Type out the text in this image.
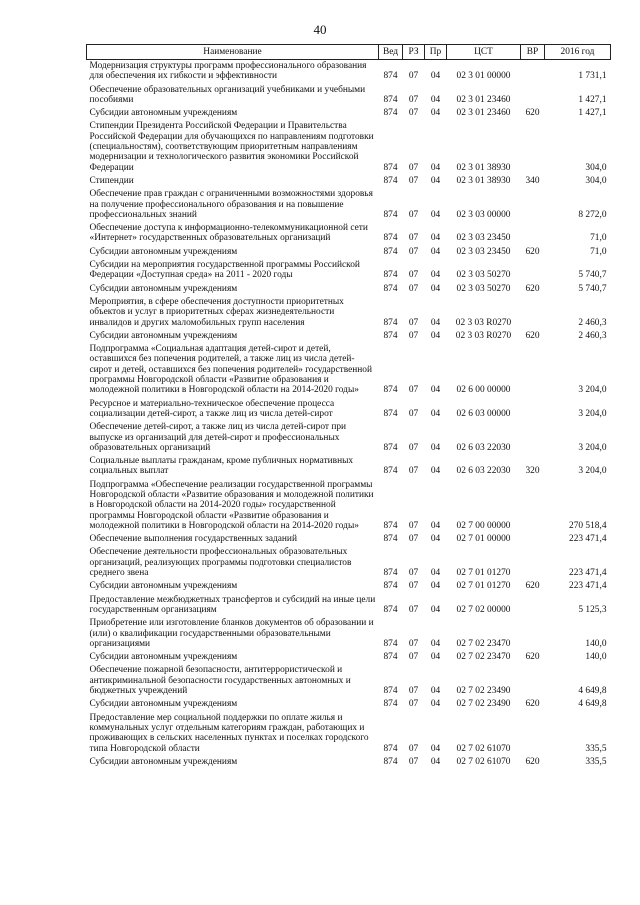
40
Наименование	Вед	РЗ	Пр	ЦСТ	ВР	2016 год
Модернизация структуры программ профессионального образования для обеспечения их гибкости и эффективности	874	07	04	02 3 01 00000		1 731,1
Обеспечение образовательных организаций учебниками и учебными пособиями	874	07	04	02 3 01 23460		1 427,1
Субсидии автономным учреждениям	874	07	04	02 3 01 23460	620	1 427,1
Стипендии Президента Российской Федерации и Правительства Российской Федерации для обучающихся по направлениям подготовки (специальностям), соответствующим приоритетным направлениям модернизации и технологического развития экономики Российской Федерации	874	07	04	02 3 01 38930		304,0
Стипендии	874	07	04	02 3 01 38930	340	304,0
Обеспечение прав граждан с ограниченными возможностями здоровья на получение профессионального образования и на повышение профессиональных знаний	874	07	04	02 3 03 00000		8 272,0
Обеспечение доступа к информационно-телекоммуникационной сети «Интернет» государственных образовательных организаций	874	07	04	02 3 03 23450		71,0
Субсидии автономным учреждениям	874	07	04	02 3 03 23450	620	71,0
Субсидии на мероприятия государственной программы Российской Федерации «Доступная среда» на 2011 - 2020 годы	874	07	04	02 3 03 50270		5 740,7
Субсидии автономным учреждениям	874	07	04	02 3 03 50270	620	5 740,7
Мероприятия, в сфере обеспечения доступности приоритетных объектов и услуг в приоритетных сферах жизнедеятельности инвалидов и других маломобильных групп населения	874	07	04	02 3 03 R0270		2 460,3
Субсидии автономным учреждениям	874	07	04	02 3 03 R0270	620	2 460,3
Подпрограмма «Социальная адаптация детей-сирот и детей, оставшихся без попечения родителей, а также лиц из числа детей-сирот и детей, оставшихся без попечения родителей» государственной программы Новгородской области «Развитие образования и молодежной политики в Новгородской области на 2014-2020 годы»	874	07	04	02 6 00 00000		3 204,0
Ресурсное и материально-техническое обеспечение процесса социализации детей-сирот, а также лиц из числа детей-сирот	874	07	04	02 6 03 00000		3 204,0
Обеспечение детей-сирот, а также лиц из числа детей-сирот при выпуске из организаций для детей-сирот и профессиональных образовательных организаций	874	07	04	02 6 03 22030		3 204,0
Социальные выплаты гражданам, кроме публичных нормативных социальных выплат	874	07	04	02 6 03 22030	320	3 204,0
Подпрограмма «Обеспечение реализации государственной программы Новгородской области «Развитие образования и молодежной политики в Новгородской области на 2014-2020 годы» государственной программы Новгородской области «Развитие образования и молодежной политики в Новгородской области на 2014-2020 годы»	874	07	04	02 7 00 00000		270 518,4
Обеспечение выполнения государственных заданий	874	07	04	02 7 01 00000		223 471,4
Обеспечение деятельности профессиональных образовательных организаций, реализующих программы подготовки специалистов среднего звена	874	07	04	02 7 01 01270		223 471,4
Субсидии автономным учреждениям	874	07	04	02 7 01 01270	620	223 471,4
Предоставление межбюджетных трансфертов и субсидий на иные цели государственным организациям	874	07	04	02 7 02 00000		5 125,3
Приобретение или изготовление бланков документов об образовании и (или) о квалификации государственными образовательными организациями	874	07	04	02 7 02 23470		140,0
Субсидии автономным учреждениям	874	07	04	02 7 02 23470	620	140,0
Обеспечение пожарной безопасности, антитеррористической и антикриминальной безопасности государственных автономных и бюджетных учреждений	874	07	04	02 7 02 23490		4 649,8
Субсидии автономным учреждениям	874	07	04	02 7 02 23490	620	4 649,8
Предоставление мер социальной поддержки по оплате жилья и коммунальных услуг отдельным категориям граждан, работающих и проживающих в сельских населенных пунктах и поселках городского типа Новгородской области	874	07	04	02 7 02 61070		335,5
Субсидии автономным учреждениям	874	07	04	02 7 02 61070	620	335,5
